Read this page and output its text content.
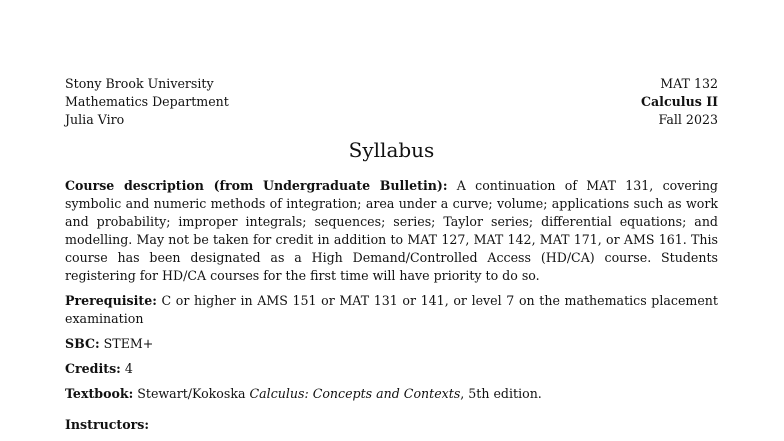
Stony Brook University
Mathematics Department
Julia Viro
MAT 132
Calculus II
Fall 2023
Syllabus

Course description (from Undergraduate Bulletin): A continuation of MAT 131, covering symbolic and numeric methods of integration; area under a curve; volume; applications such as work and probability; improper integrals; sequences; series; Taylor series; differential equations; and modelling. May not be taken for credit in addition to MAT 127, MAT 142, MAT 171, or AMS 161. This course has been designated as a High Demand/Controlled Access (HD/CA) course. Students registering for HD/CA courses for the first time will have priority to do so.

Prerequisite: C or higher in AMS 151 or MAT 131 or 141, or level 7 on the mathematics placement examination

SBC: STEM+

Credits: 4

Textbook: Stewart/Kokoska Calculus: Concepts and Contexts, 5th edition.

Instructors:
